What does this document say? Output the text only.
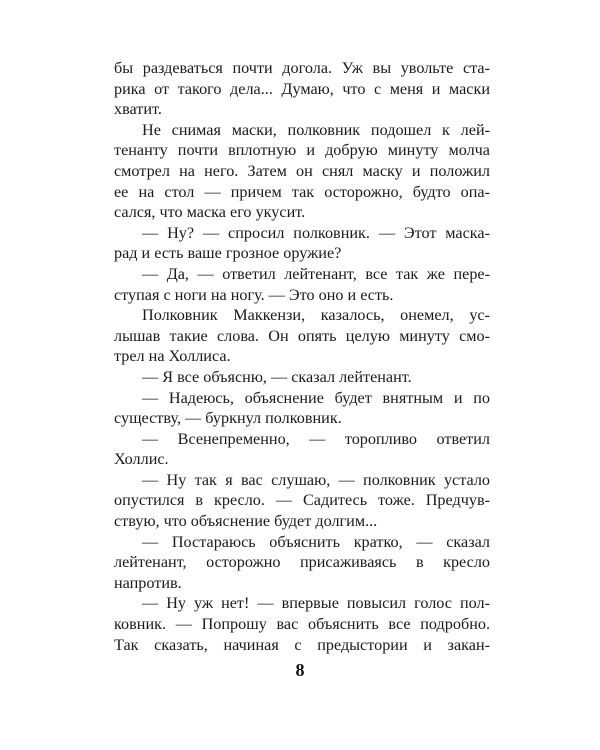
бы раздеваться почти догола. Уж вы увольте ста-
рика от такого дела... Думаю, что с меня и маски
хватит.
Не снимая маски, полковник подошел к лей-
тенанту почти вплотную и добрую минуту молча
смотрел на него. Затем он снял маску и положил
ее на стол — причем так осторожно, будто опа-
сался, что маска его укусит.
— Ну? — спросил полковник. — Этот маска-
рад и есть ваше грозное оружие?
— Да, — ответил лейтенант, все так же пере-
ступая с ноги на ногу. — Это оно и есть.
Полковник Маккензи, казалось, онемел, ус-
лышав такие слова. Он опять целую минуту смо-
трел на Холлиса.
— Я все объясню, — сказал лейтенант.
— Надеюсь, объяснение будет внятным и по
существу, — буркнул полковник.
— Всенепременно, — торопливо ответил
Холлис.
— Ну так я вас слушаю, — полковник устало
опустился в кресло. — Садитесь тоже. Предчув-
ствую, что объяснение будет долгим...
— Постараюсь объяснить кратко, — сказал
лейтенант, осторожно присаживаясь в кресло
напротив.
— Ну уж нет! — впервые повысил голос пол-
ковник. — Попрошу вас объяснить все подробно.
Так сказать, начиная с предыстории и закан-
8
